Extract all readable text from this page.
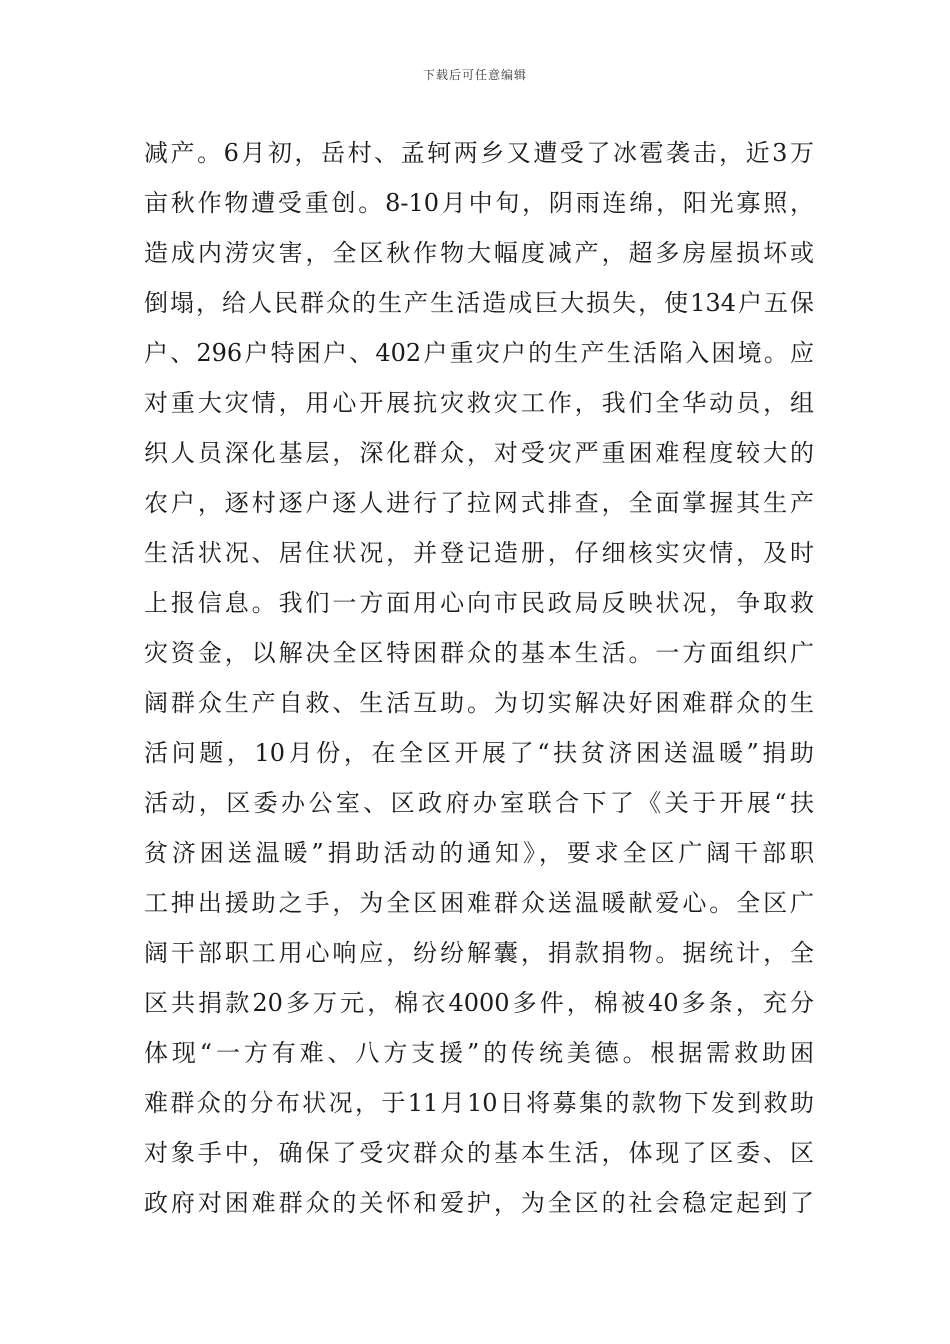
下载后可任意编辑
减产。6月初，岳村、孟轲两乡又遭受了冰雹袭击，近3万
亩秋作物遭受重创。8-10月中旬，阴雨连绵，阳光寡照，
造成内涝灾害，全区秋作物大幅度减产，超多房屋损坏或
倒塌，给人民群众的生产生活造成巨大损失，使134户五保
户、296户特困户、402户重灾户的生产生活陷入困境。应
对重大灾情，用心开展抗灾救灾工作，我们全华动员，组
织人员深化基层，深化群众，对受灾严重困难程度较大的
农户，逐村逐户逐人进行了拉网式排查，全面掌握其生产
生活状况、居住状况，并登记造册，仔细核实灾情，及时
上报信息。我们一方面用心向市民政局反映状况，争取救
灾资金，以解决全区特困群众的基本生活。一方面组织广
阔群众生产自救、生活互助。为切实解决好困难群众的生
活问题，10月份，在全区开展了“扶贫济困送温暖”捐助
活动，区委办公室、区政府办室联合下了《关于开展“扶
贫济困送温暖”捐助活动的通知》，要求全区广阔干部职
工抻出援助之手，为全区困难群众送温暖献爱心。全区广
阔干部职工用心响应，纷纷解囊，捐款捐物。据统计，全
区共捐款20多万元，棉衣4000多件，棉被40多条，充分
体现“一方有难、八方支援”的传统美德。根据需救助困
难群众的分布状况，于11月10日将募集的款物下发到救助
对象手中，确保了受灾群众的基本生活，体现了区委、区
政府对困难群众的关怀和爱护，为全区的社会稳定起到了
